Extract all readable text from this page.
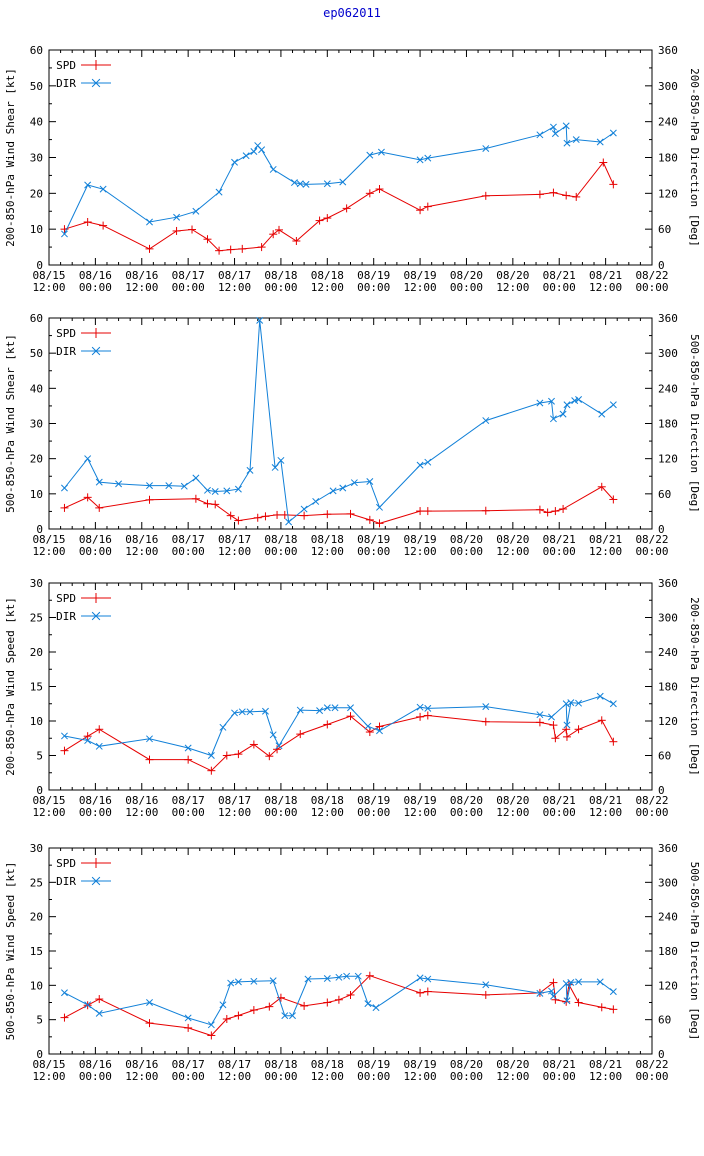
ep062011
08/15
12:00
08/16
00:00
08/16
12:00
08/17
00:00
08/17
12:00
08/18
00:00
08/18
12:00
08/19
00:00
08/19
12:00
08/20
00:00
08/20
12:00
08/21
00:00
08/21
12:00
08/22
00:00
0
10
20
30
40
50
60
0
60
120
180
240
300
360
200-850-hPa Wind Shear [kt]	200-850-hPa Direction [Deg]
SPD
DIR
08/15
12:00
08/16
00:00
08/16
12:00
08/17
00:00
08/17
12:00
08/18
00:00
08/18
12:00
08/19
00:00
08/19
12:00
08/20
00:00
08/20
12:00
08/21
00:00
08/21
12:00
08/22
00:00
0
10
20
30
40
50
60
0
60
120
180
240
300
360
500-850-hPa Wind Shear [kt]	500-850-hPa Direction [Deg]
SPD
DIR
08/15
12:00
08/16
00:00
08/16
12:00
08/17
00:00
08/17
12:00
08/18
00:00
08/18
12:00
08/19
00:00
08/19
12:00
08/20
00:00
08/20
12:00
08/21
00:00
08/21
12:00
08/22
00:00
0
5
10
15
20
25
30
0
60
120
180
240
300
360
200-850-hPa Wind Speed [kt]	200-850-hPa Direction [Deg]
SPD
DIR
08/15
12:00
08/16
00:00
08/16
12:00
08/17
00:00
08/17
12:00
08/18
00:00
08/18
12:00
08/19
00:00
08/19
12:00
08/20
00:00
08/20
12:00
08/21
00:00
08/21
12:00
08/22
00:00
0
5
10
15
20
25
30
0
60
120
180
240
300
360
500-850-hPa Wind Speed [kt]	500-850-hPa Direction [Deg]
SPD
DIR
